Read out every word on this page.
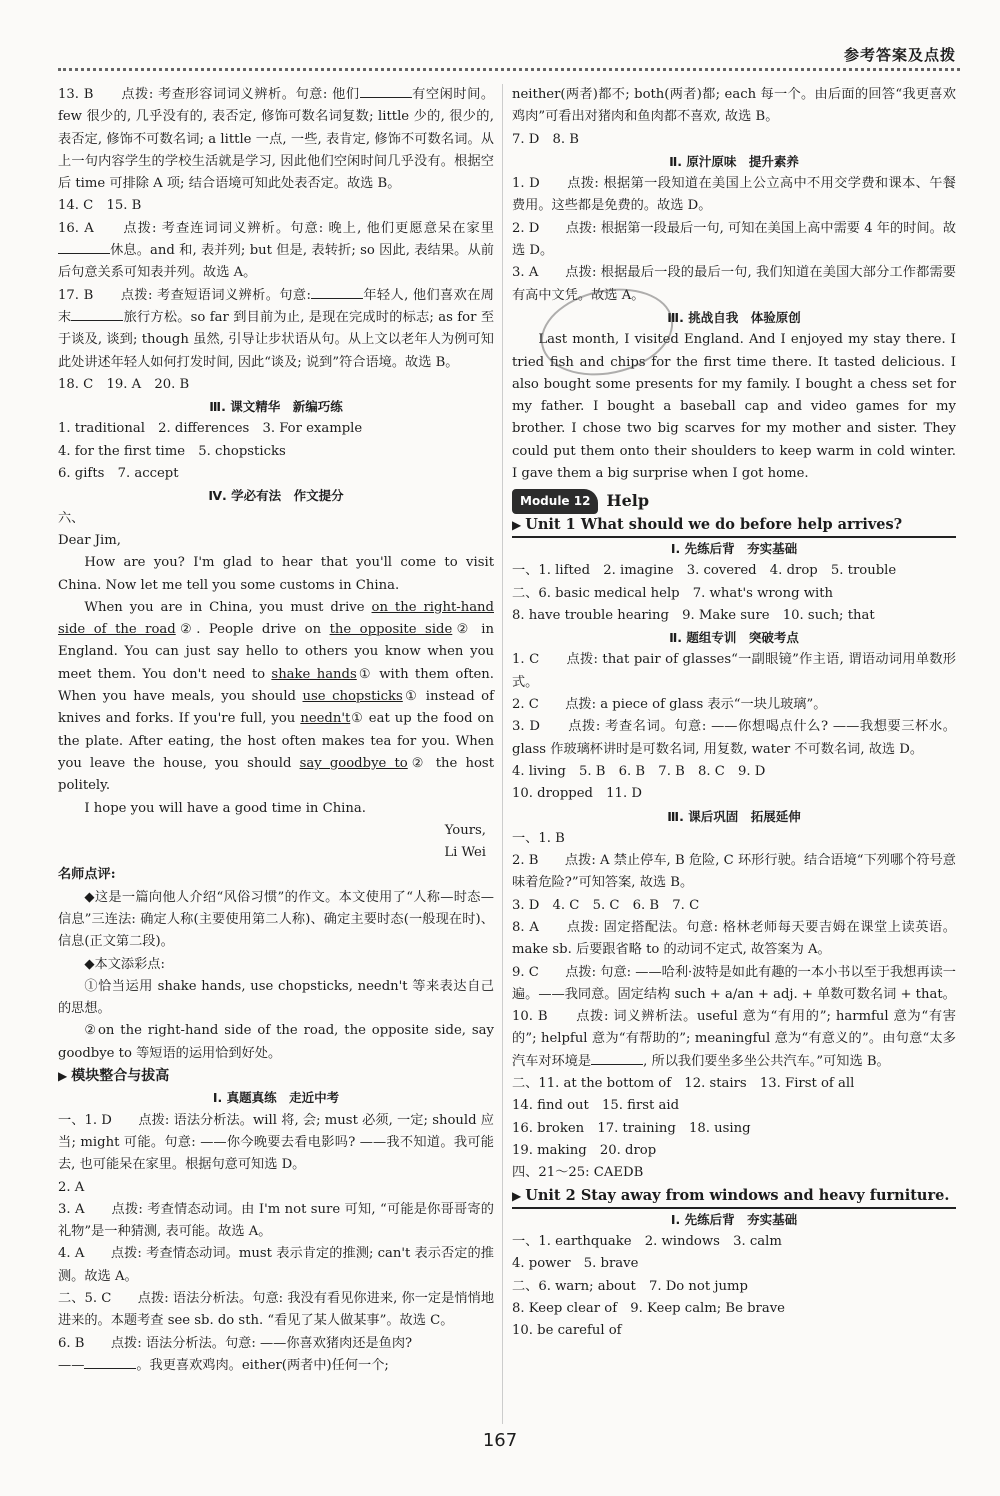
参考答案及点拨

13. B　　点拨: 考查形容词词义辨析。句意: 他们	有空闲时间。few 很少的, 几乎没有的, 表否定, 修饰可数名词复数; little 少的, 很少的, 表否定, 修饰不可数名词; a little 一点, 一些, 表肯定, 修饰不可数名词。从上一句内容学生的学校生活就是学习, 因此他们空闲时间几乎没有。根据空后 time 可排除 A 项; 结合语境可知此处表否定。故选 B。

14. C　15. B

16. A　　点拨: 考查连词词义辨析。句意: 晚上, 他们更愿意呆在家里休息。and 和, 表并列; but 但是, 表转折; so 因此, 表结果。从前后句意关系可知表并列。故选 A。

17. B　　点拨: 考查短语词义辨析。句意:	年轻人, 他们喜欢在周末	旅行方松。so far 到目前为止, 是现在完成时的标志; as for 至于谈及, 谈到; though 虽然, 引导让步状语从句。从上文以老年人为例可知此处讲述年轻人如何打发时间, 因此“谈及; 说到”符合语境。故选 B。

18. C　19. A　20. B

Ⅲ. 课文精华　新编巧练

1. traditional　2. differences　3. For example

4. for the first time　5. chopsticks

6. gifts　7. accept

Ⅳ. 学必有法　作文提分

六、

Dear Jim,

How are you? I'm glad to hear that you'll come to visit China. Now let me tell you some customs in China.

When you are in China, you must drive on the right-hand side of the road②. People drive on the opposite side② in England. You can just say hello to others you know when you meet them. You don't need to shake hands① with them often. When you have meals, you should use chopsticks① instead of knives and forks. If you're full, you needn't① eat up the food on the plate. After eating, the host often makes tea for you. When you leave the house, you should say goodbye to② the host politely.

I hope you will have a good time in China.

Yours,

Li Wei

名师点评:

◆这是一篇向他人介绍“风俗习惯”的作文。本文使用了“人称—时态—信息”三连法: 确定人称(主要使用第二人称)、确定主要时态(一般现在时)、信息(正文第二段)。

◆本文添彩点:

①恰当运用 shake hands, use chopsticks, needn't 等来表达自己的思想。

②on the right-hand side of the road, the opposite side, say goodbye to 等短语的运用恰到好处。

▶ 模块整合与拔高

Ⅰ. 真题真练　走近中考

一、1. D　　点拨: 语法分析法。will 将, 会; must 必须, 一定; should 应当; might 可能。句意: ——你今晚要去看电影吗? ——我不知道。我可能去, 也可能呆在家里。根据句意可知选 D。

2. A

3. A　　点拨: 考查情态动词。由 I'm not sure 可知, “可能是你哥哥寄的礼物”是一种猜测, 表可能。故选 A。

4. A　　点拨: 考查情态动词。must 表示肯定的推测; can't 表示否定的推测。故选 A。

二、5. C　　点拨: 语法分析法。句意: 我没有看见你进来, 你一定是悄悄地进来的。本题考查 see sb. do sth. “看见了某人做某事”。故选 C。

6. B　　点拨: 语法分析法。句意: ——你喜欢猪肉还是鱼肉?
——	。我更喜欢鸡肉。either(两者中)任何一个;

neither(两者)都不; both(两者)都; each 每一个。由后面的回答“我更喜欢鸡肉”可看出对猪肉和鱼肉都不喜欢, 故选 B。

7. D　8. B

Ⅱ. 原汁原味　提升素养

1. D　　点拨: 根据第一段知道在美国上公立高中不用交学费和课本、午餐费用。这些都是免费的。故选 D。

2. D　　点拨: 根据第一段最后一句, 可知在美国上高中需要 4 年的时间。故选 D。

3. A　　点拨: 根据最后一段的最后一句, 我们知道在美国大部分工作都需要有高中文凭。故选 A。

Ⅲ. 挑战自我　体验原创

Last month, I visited England. And I enjoyed my stay there. I tried fish and chips for the first time there. It tasted delicious. I also bought some presents for my family. I bought a chess set for my father. I bought a baseball cap and video games for my brother. I chose two big scarves for my mother and sister. They could put them onto their shoulders to keep warm in cold winter. I gave them a big surprise when I got home.

Module 12	Help

▶ Unit 1 What should we do before help arrives?

Ⅰ. 先练后背　夯实基础

一、1. lifted　2. imagine　3. covered　4. drop　5. trouble

二、6. basic medical help　7. what's wrong with

8. have trouble hearing　9. Make sure　10. such; that

Ⅱ. 题组专训　突破考点

1. C　　点拨: that pair of glasses“一副眼镜”作主语, 谓语动词用单数形式。

2. C　　点拨: a piece of glass 表示“一块儿玻璃”。

3. D　　点拨: 考查名词。句意: ——你想喝点什么? ——我想要三杯水。glass 作玻璃杯讲时是可数名词, 用复数, water 不可数名词, 故选 D。

4. living　5. B　6. B　7. B　8. C　9. D

10. dropped　11. D

Ⅲ. 课后巩固　拓展延伸

一、1. B

2. B　　点拨: A 禁止停车, B 危险, C 环形行驶。结合语境“下列哪个符号意味着危险?”可知答案, 故选 B。

3. D　4. C　5. C　6. B　7. C

8. A　　点拨: 固定搭配法。句意: 格林老师每天要吉姆在课堂上读英语。make sb. 后要跟省略 to 的动词不定式, 故答案为 A。

9. C　　点拨: 句意: ——哈利·波特是如此有趣的一本小书以至于我想再读一遍。——我同意。固定结构 such + a/an + adj. + 单数可数名词 + that。

10. B　　点拨: 词义辨析法。useful 意为“有用的”; harmful 意为“有害的”; helpful 意为“有帮助的”; meaningful 意为“有意义的”。由句意“太多汽车对环境是	, 所以我们要坐多坐公共汽车。”可知选 B。

二、11. at the bottom of　12. stairs　13. First of all

14. find out　15. first aid

16. broken　17. training　18. using

19. making　20. drop

四、21～25: CAEDB

▶ Unit 2 Stay away from windows and heavy furniture.

Ⅰ. 先练后背　夯实基础

一、1. earthquake　2. windows　3. calm

4. power　5. brave

二、6. warn; about　7. Do not jump

8. Keep clear of　9. Keep calm; Be brave

10. be careful of

167
